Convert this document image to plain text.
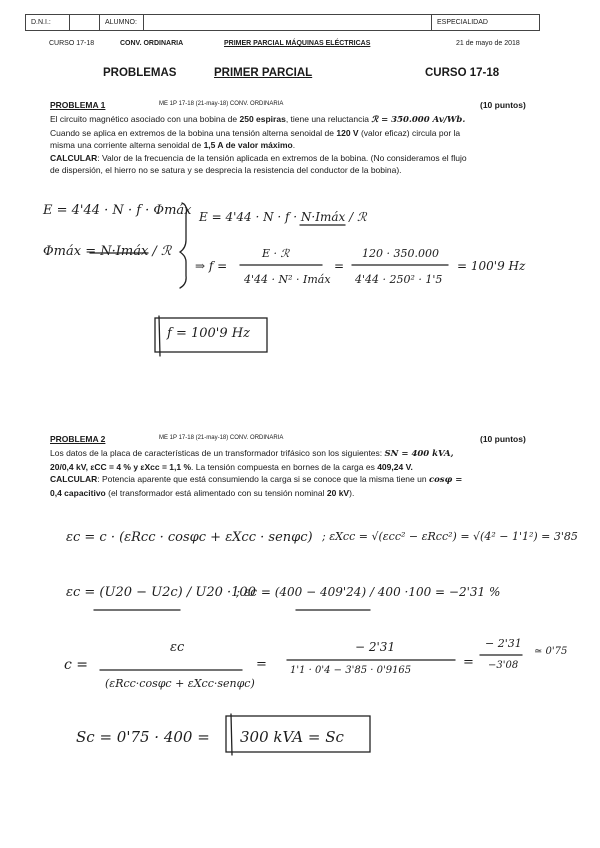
D.N.I.:	ALUMNO:	ESPECIALIDAD
CURSO 17-18	CONV. ORDINARIA	PRIMER PARCIAL MÁQUINAS ELÉCTRICAS	21 de mayo de 2018
PROBLEMAS	PRIMER PARCIAL	CURSO 17-18
PROBLEMA 1	ME 1P 17-18 (21-may-18) CONV. ORDINARIA	(10 puntos)
El circuito magnético asociado con una bobina de 250 espiras, tiene una reluctancia ℛ = 350.000 Av/Wb.
Cuando se aplica en extremos de la bobina una tensión alterna senoidal de 120 V (valor eficaz) circula por la
misma una corriente alterna senoidal de 1,5 A de valor máximo.
CALCULAR: Valor de la frecuencia de la tensión aplicada en extremos de la bobina. (No consideramos el flujo
de dispersión, el hierro no se satura y se desprecia la resistencia del conductor de la bobina).
E = 4'44 · N · f · Φmáx
Φmáx = N·Imáx / ℛ
E = 4'44 · N · f · N·Imáx / ℛ
⇒ f =
E · ℛ
4'44 · N² · Imáx
=
120 · 350.000
4'44 · 250² · 1'5
= 100'9 Hz
f = 100'9 Hz
PROBLEMA 2	ME 1P 17-18 (21-may-18) CONV. ORDINARIA	(10 puntos)
Los datos de la placa de características de un transformador trifásico son los siguientes: SN = 400 kVA,
20/0,4 kV, εCC = 4 % y εXcc = 1,1 %. La tensión compuesta en bornes de la carga es 409,24 V.
CALCULAR: Potencia aparente que está consumiendo la carga si se conoce que la misma tiene un cosφ =
0,4 capacitivo (el transformador está alimentado con su tensión nominal 20 kV).
εc = c · (εRcc · cosφc + εXcc · senφc) ; εXcc = √(εcc² − εRcc²) = √(4² − 1'1²) = 3'85
εc = (U20 − U2c) / U20 ·100
; εc = (400 − 409'24) / 400 ·100 = −2'31 %
c =
εc
(εRcc·cosφc + εXcc·senφc)
=
− 2'31
1'1 · 0'4 − 3'85 · 0'9165
=
− 2'31
−3'08
≃ 0'75
Sc = 0'75 · 400 = 300 kVA = Sc
